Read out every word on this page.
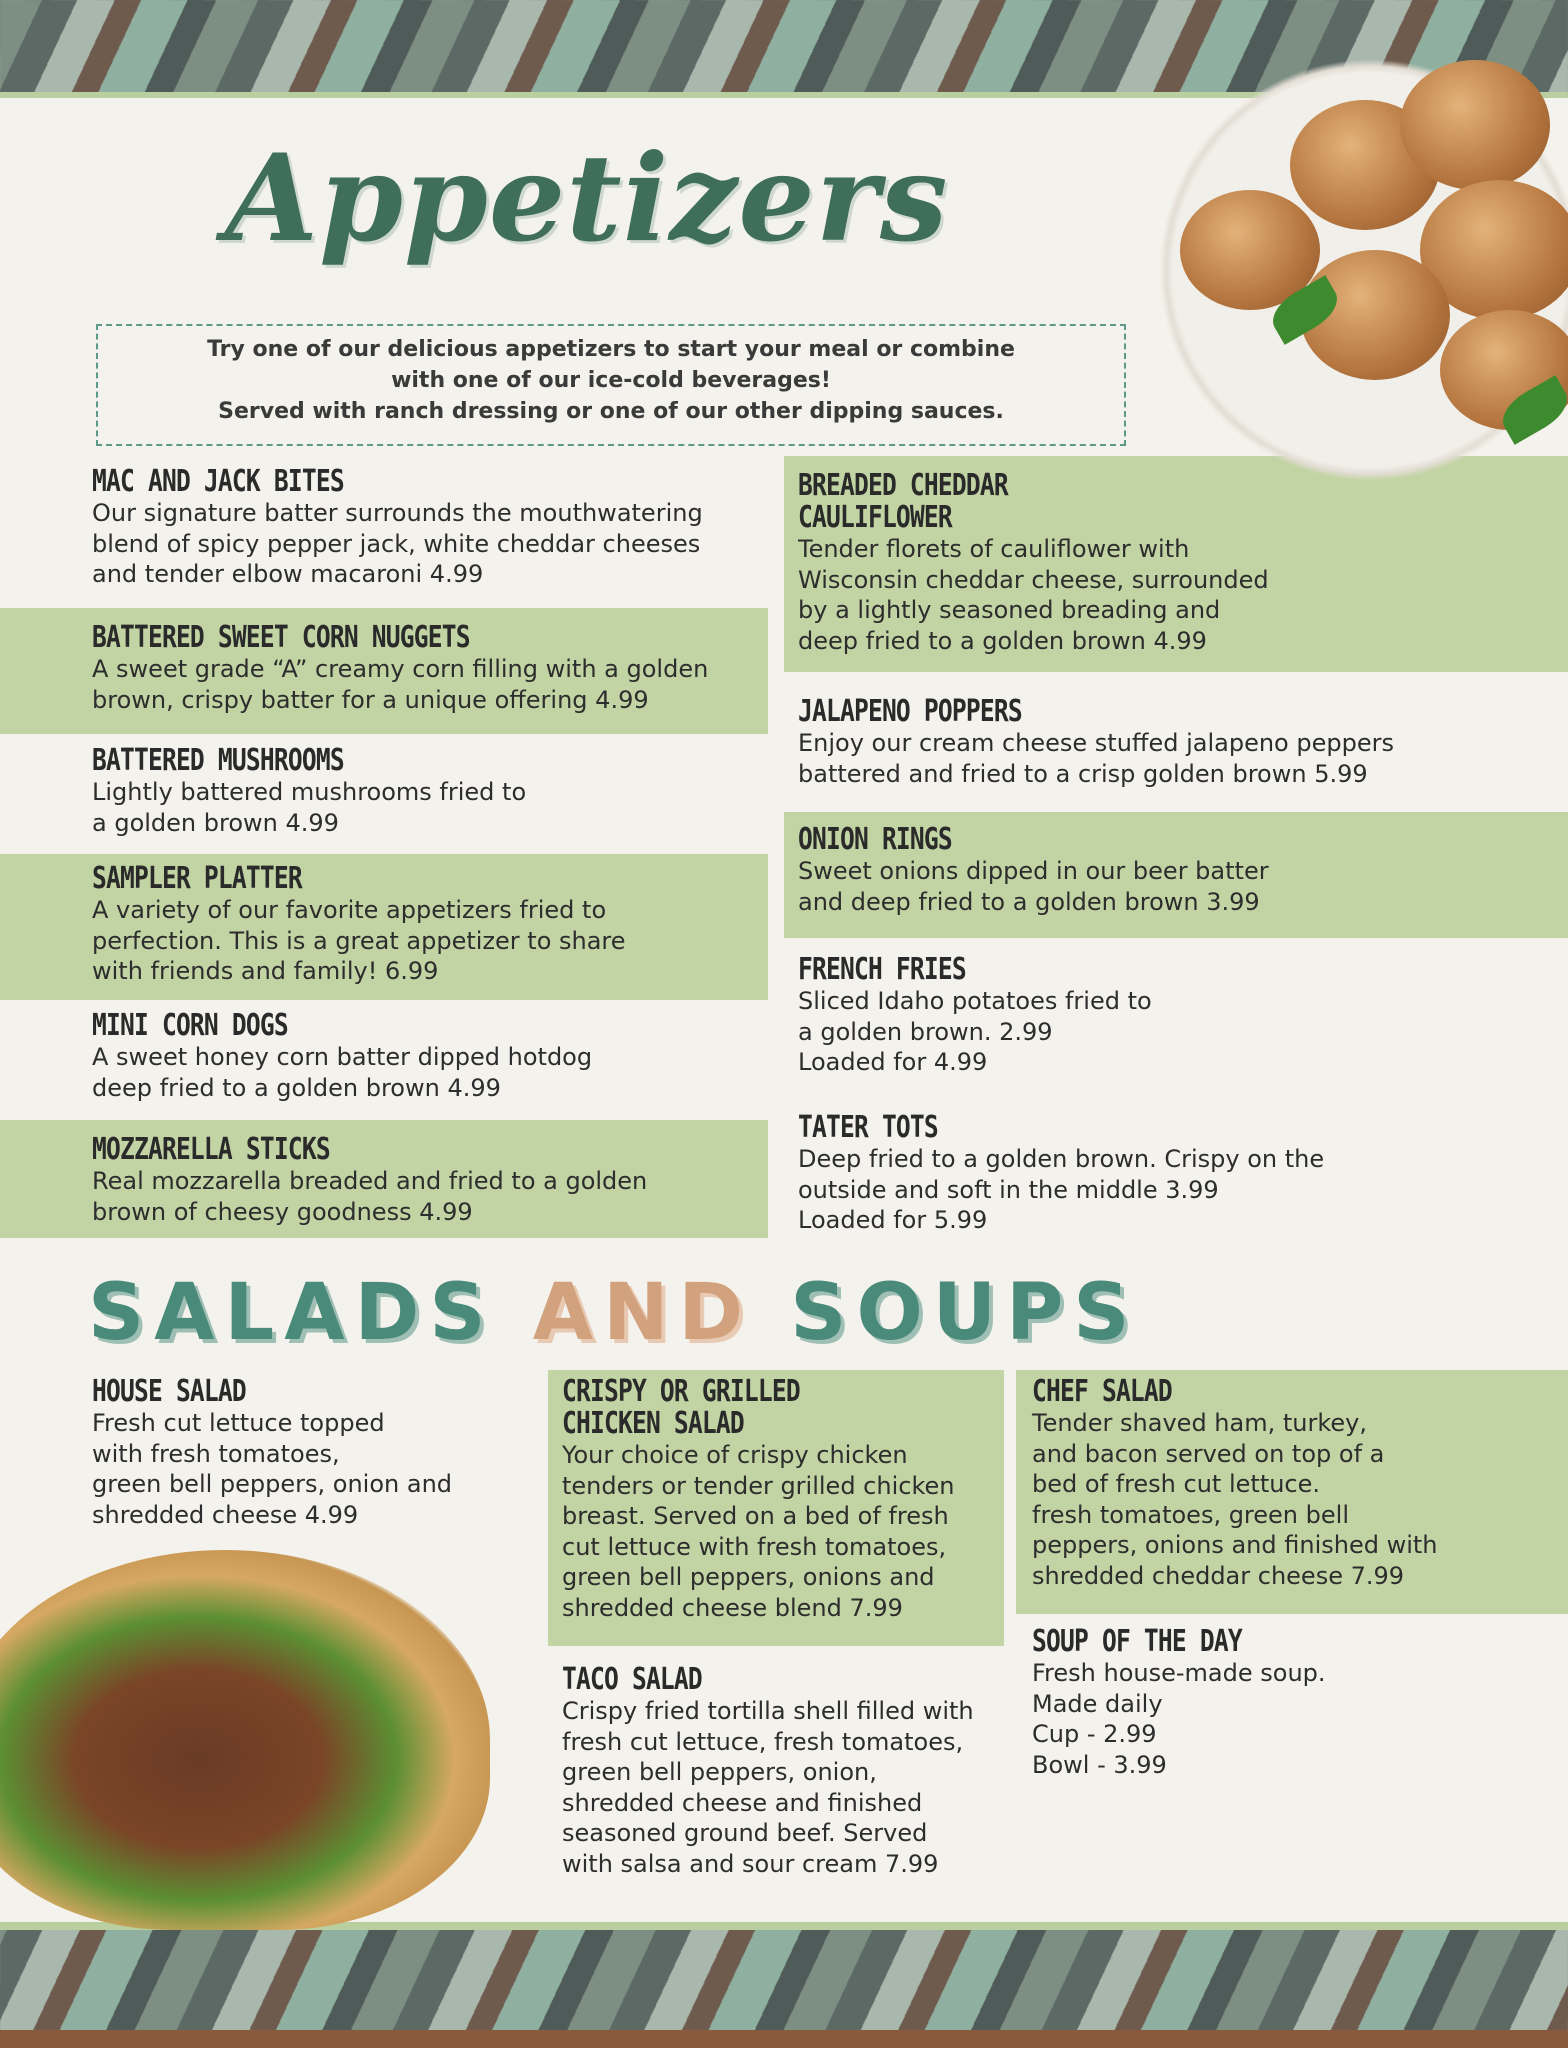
Appetizers
Try one of our delicious appetizers to start your meal or combine
with one of our ice-cold beverages!
Served with ranch dressing or one of our other dipping sauces.
MAC AND JACK BITES
Our signature batter surrounds the mouthwatering
blend of spicy pepper jack, white cheddar cheeses
and tender elbow macaroni 4.99
BATTERED SWEET CORN NUGGETS
A sweet grade “A” creamy corn filling with a golden
brown, crispy batter for a unique offering 4.99
BATTERED MUSHROOMS
Lightly battered mushrooms fried to
a golden brown 4.99
SAMPLER PLATTER
A variety of our favorite appetizers fried to
perfection. This is a great appetizer to share
with friends and family! 6.99
MINI CORN DOGS
A sweet honey corn batter dipped hotdog
deep fried to a golden brown 4.99
MOZZARELLA STICKS
Real mozzarella breaded and fried to a golden
brown of cheesy goodness 4.99
BREADED CHEDDAR
CAULIFLOWER
Tender florets of cauliflower with
Wisconsin cheddar cheese, surrounded
by a lightly seasoned breading and
deep fried to a golden brown 4.99
JALAPENO POPPERS
Enjoy our cream cheese stuffed jalapeno peppers
battered and fried to a crisp golden brown 5.99
ONION RINGS
Sweet onions dipped in our beer batter
and deep fried to a golden brown 3.99
FRENCH FRIES
Sliced Idaho potatoes fried to
a golden brown. 2.99
Loaded for 4.99
TATER TOTS
Deep fried to a golden brown. Crispy on the
outside and soft in the middle 3.99
Loaded for 5.99
SALADS AND SOUPS
HOUSE SALAD
Fresh cut lettuce topped
with fresh tomatoes,
green bell peppers, onion and
shredded cheese 4.99
CRISPY OR GRILLED
CHICKEN SALAD
Your choice of crispy chicken
tenders or tender grilled chicken
breast. Served on a bed of fresh
cut lettuce with fresh tomatoes,
green bell peppers, onions and
shredded cheese blend 7.99
TACO SALAD
Crispy fried tortilla shell filled with
fresh cut lettuce, fresh tomatoes,
green bell peppers, onion,
shredded cheese and finished
seasoned ground beef. Served
with salsa and sour cream 7.99
CHEF SALAD
Tender shaved ham, turkey,
and bacon served on top of a
bed of fresh cut lettuce.
fresh tomatoes, green bell
peppers, onions and finished with
shredded cheddar cheese 7.99
SOUP OF THE DAY
Fresh house-made soup.
Made daily
Cup - 2.99
Bowl - 3.99
